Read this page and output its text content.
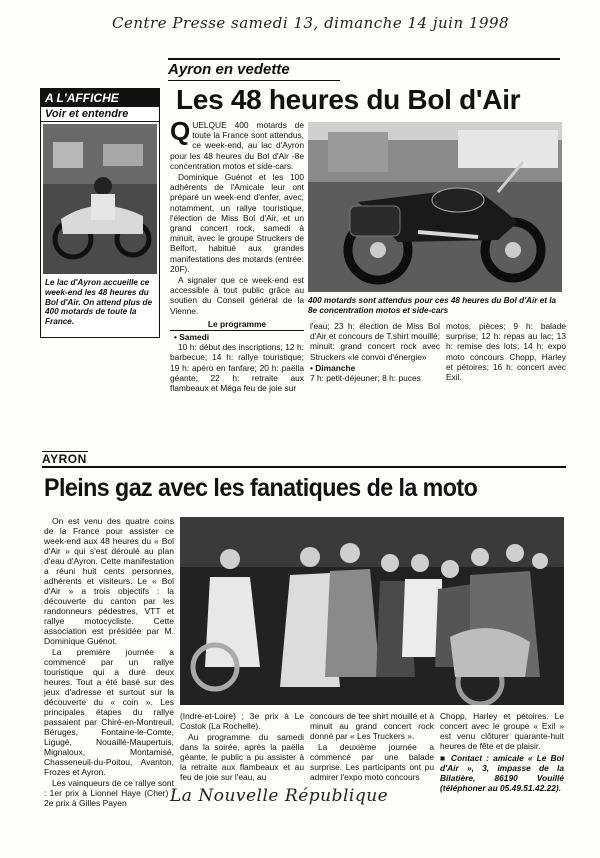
Centre Presse samedi 13, dimanche 14 juin 1998
Ayron en vedette
A L'AFFICHE
Voir et entendre
Le lac d'Ayron accueille ce week-end les 48 heures du Bol d'Air. On attend plus de 400 motards de toute la France.
Les 48 heures du Bol d'Air

QUELQUE 400 motards de toute la France sont attendus, ce week-end, au lac d'Ayron pour les 48 heures du Bol d'Air -8e concentration motos et side-cars.

Dominique Guénot et les 100 adhérents de l'Amicale leur ont préparé un week-end d'enfer, avec, notamment, un rallye touristique, l'élection de Miss Bol d'Air, et un grand concert rock, samedi à minuit, avec le groupe Struckers de Belfort, habitué aux grandes manifestations des motards (entrée: 20F).

A signaler que ce week-end est accessible à tout public grâce au soutien du Conseil général de la Vienne.

Le programme
• Samedi

10 h: début des inscriptions; 12 h: barbecue; 14 h: rallye touristique; 19 h: apéro en fanfare; 20 h: paëlla géante; 22 h: retraite aux flambeaux et Méga feu de joie sur

400 motards sont attendus pour ces 48 heures du Bol d'Air et la 8e concentration motos et side-cars

l'eau; 23 h: élection de Miss Bol d'Air et concours de T.shirt mouillé; minuit: grand concert rock avec Struckers «le convoi d'énergie»

• Dimanche

7 h: petit-déjeuner; 8 h: puces

motos, pièces; 9 h: balade surprise; 12 h: repas au lac; 13 h: remise des lots; 14 h: expo moto concours Chopp, Harley et pétoires; 16 h: concert avec Exil.

AYRON
Pleins gaz avec les fanatiques de la moto

On est venu des quatre coins de la France pour assister ce week-end aux 48 heures du « Bol d'Air » qui s'est déroulé au plan d'eau d'Ayron. Cette manifestation a réuni huit cents personnes, adhérents et visiteurs. Le « Bol d'Air » a trois objectifs : la découverte du canton par les randonneurs pédestres, VTT et rallye motocycliste. Cette association est présidée par M. Dominique Guénot.

La première journée a commencé par un rallye touristique qui a duré deux heures. Tout a été basé sur des jeux d'adresse et surtout sur la découverte du « coin ». Les principales étapes du rallye passaient par Chiré-en-Montreuil, Béruges, Fontaine-le-Comte, Ligugé, Nouaillé-Maupertuis, Mignaloux, Montamisé, Chasseneuil-du-Poitou, Avanton, Frozes et Ayron.

Les vainqueurs de ce rallye sont : 1er prix à Lionnel Haye (Cher) ; 2e prix à Gilles Payen

(Indre-et-Loire) ; 3e prix à Le Costok (La Rochelle).

Au programme du samedi dans la soirée, après la paëlla géante, le public a pu assister à la retraite aux flambeaux et au feu de joie sur l'eau, au

concours de tee shirt mouillé et à minuit au grand concert rock donné par « Les Truckers ».

La deuxième journée a commencé par une balade surprise. Les participants ont pu admirer l'expo moto concours

Chopp, Harley et pétoires. Le concert avec le groupe « Exil » est venu clôturer quarante-huit heures de fête et de plaisir.

■ Contact : amicale « Le Bol d'Air », 3, impasse de la Bilatière, 86190 Vouillé (téléphoner au 05.49.51.42.22).

La Nouvelle République
